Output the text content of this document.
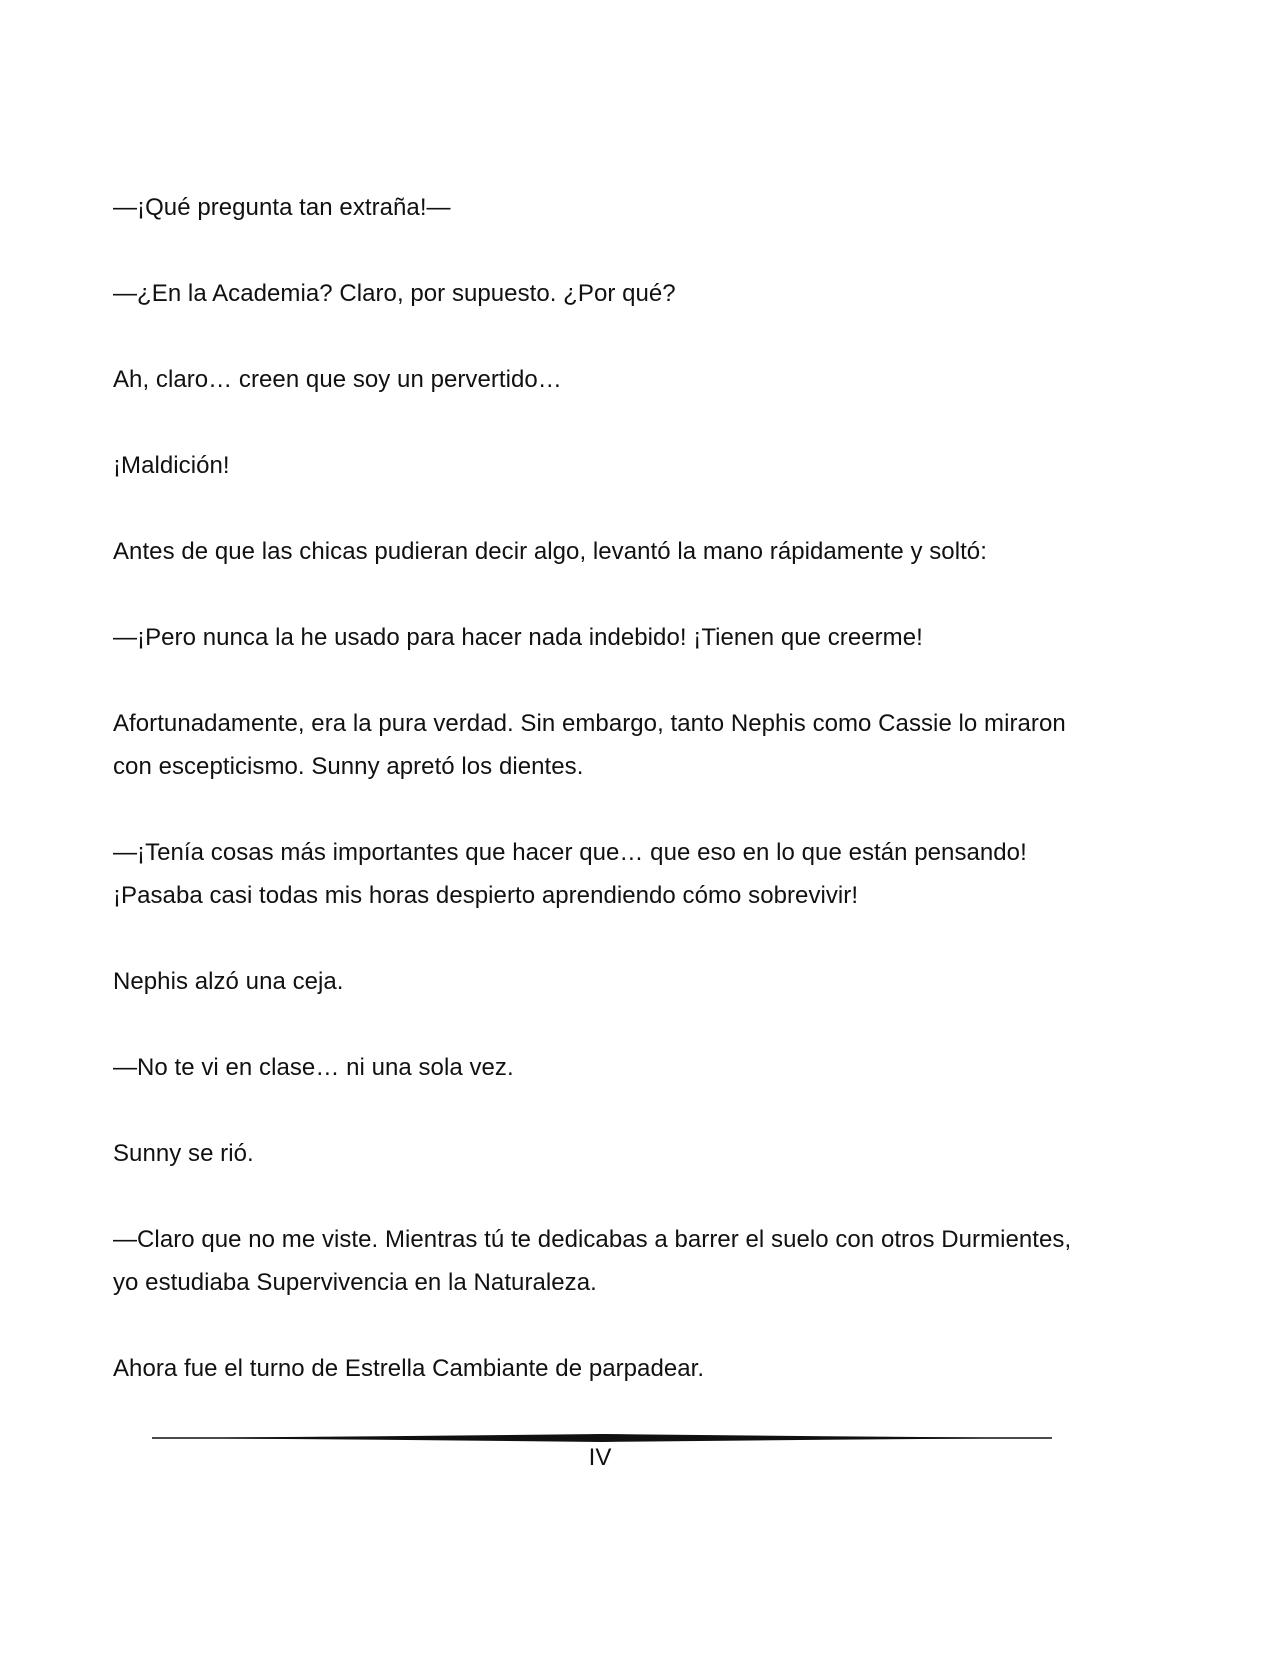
—¡Qué pregunta tan extraña!—

—¿En la Academia? Claro, por supuesto. ¿Por qué?

Ah, claro… creen que soy un pervertido…

¡Maldición!

Antes de que las chicas pudieran decir algo, levantó la mano rápidamente y soltó:

—¡Pero nunca la he usado para hacer nada indebido! ¡Tienen que creerme!

Afortunadamente, era la pura verdad. Sin embargo, tanto Nephis como Cassie lo miraron
con escepticismo. Sunny apretó los dientes.

—¡Tenía cosas más importantes que hacer que… que eso en lo que están pensando!
¡Pasaba casi todas mis horas despierto aprendiendo cómo sobrevivir!

Nephis alzó una ceja.

—No te vi en clase… ni una sola vez.

Sunny se rió.

—Claro que no me viste. Mientras tú te dedicabas a barrer el suelo con otros Durmientes,
yo estudiaba Supervivencia en la Naturaleza.

Ahora fue el turno de Estrella Cambiante de parpadear.

IV
